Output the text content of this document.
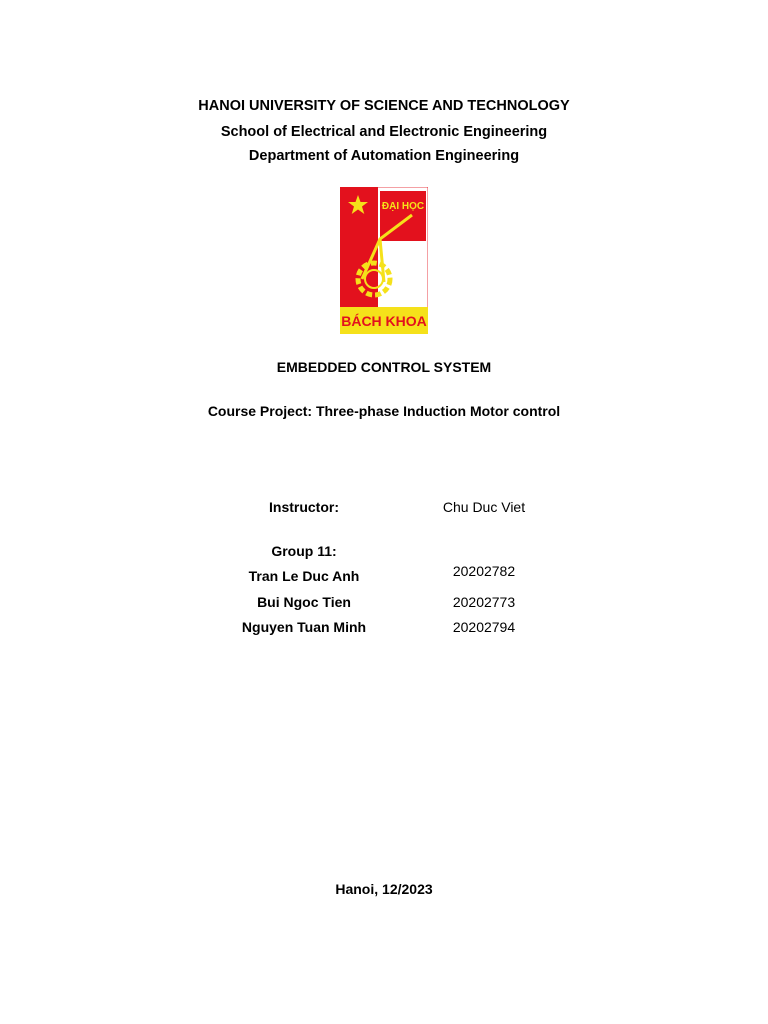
HANOI UNIVERSITY OF SCIENCE AND TECHNOLOGY
School of Electrical and Electronic Engineering
Department of Automation Engineering
ĐẠI HỌC
BÁCH KHOA
EMBEDDED CONTROL SYSTEM
Course Project: Three-phase Induction Motor control
Instructor:	Chu Duc Viet
Group 11:
Tran Le Duc Anh	20202782
Bui Ngoc Tien	20202773
Nguyen Tuan Minh	20202794
Hanoi, 12/2023
